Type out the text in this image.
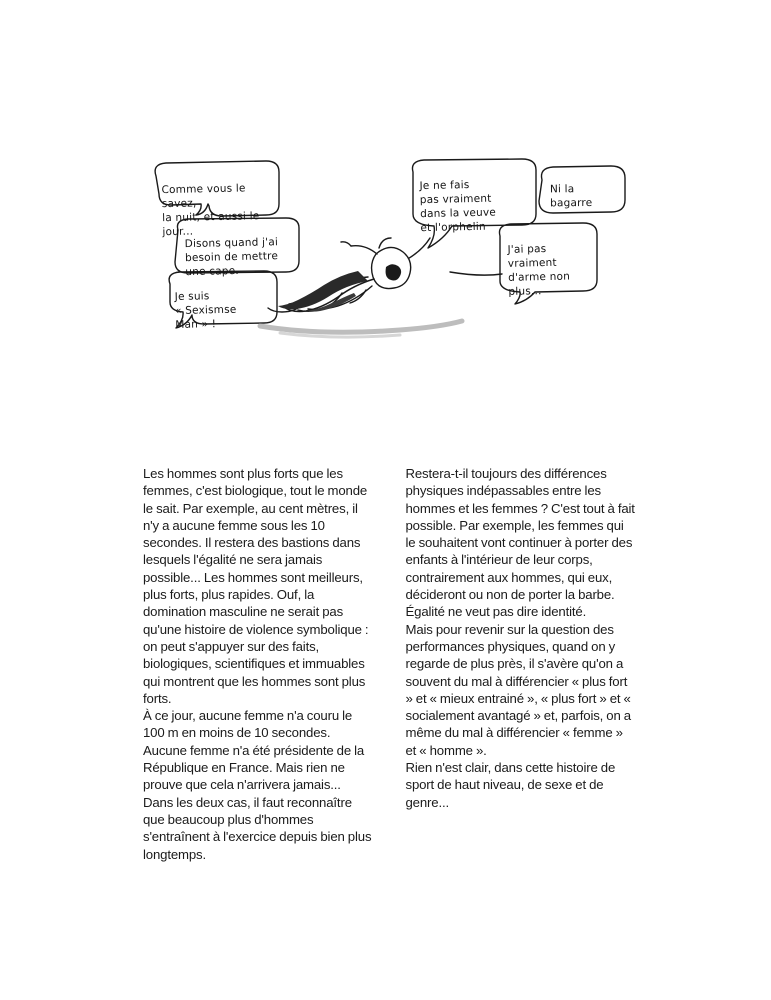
Comme vous le savez,
la nuit, et aussi le
jour...
Disons quand j'ai
besoin de mettre
une cape.
Je suis
« Sexismse
Man » !
Je ne fais
pas vraiment
dans la veuve
et l'orphelin
Ni la
bagarre
J'ai pas
vraiment
d'arme non
plus...

Les hommes sont plus forts que les femmes, c'est biologique, tout le monde le sait. Par exemple, au cent mètres, il n'y a aucune femme sous les 10 secondes. Il restera des bastions dans lesquels l'égalité ne sera jamais possible... Les hommes sont meilleurs, plus forts, plus rapides. Ouf, la domination masculine ne serait pas qu'une histoire de violence symbolique : on peut s'appuyer sur des faits, biologiques, scientifiques et immuables qui montrent que les hommes sont plus forts.

À ce jour, aucune femme n'a couru le 100 m en moins de 10 secondes. Aucune femme n'a été présidente de la République en France. Mais rien ne prouve que cela n'arrivera jamais... Dans les deux cas, il faut reconnaître que beaucoup plus d'hommes s'entraînent à l'exercice depuis bien plus longtemps.

Restera-t-il toujours des différences physiques indépassables entre les hommes et les femmes ? C'est tout à fait possible. Par exemple, les femmes qui le souhaitent vont continuer à porter des enfants à l'intérieur de leur corps, contrairement aux hommes, qui eux, décideront ou non de porter la barbe. Égalité ne veut pas dire identité.

Mais pour revenir sur la question des performances physiques, quand on y regarde de plus près, il s'avère qu'on a souvent du mal à différencier « plus fort » et « mieux entrainé », « plus fort » et « socialement avantagé » et, parfois, on a même du mal à différencier « femme » et « homme ».

Rien n'est clair, dans cette histoire de sport de haut niveau, de sexe et de genre...
